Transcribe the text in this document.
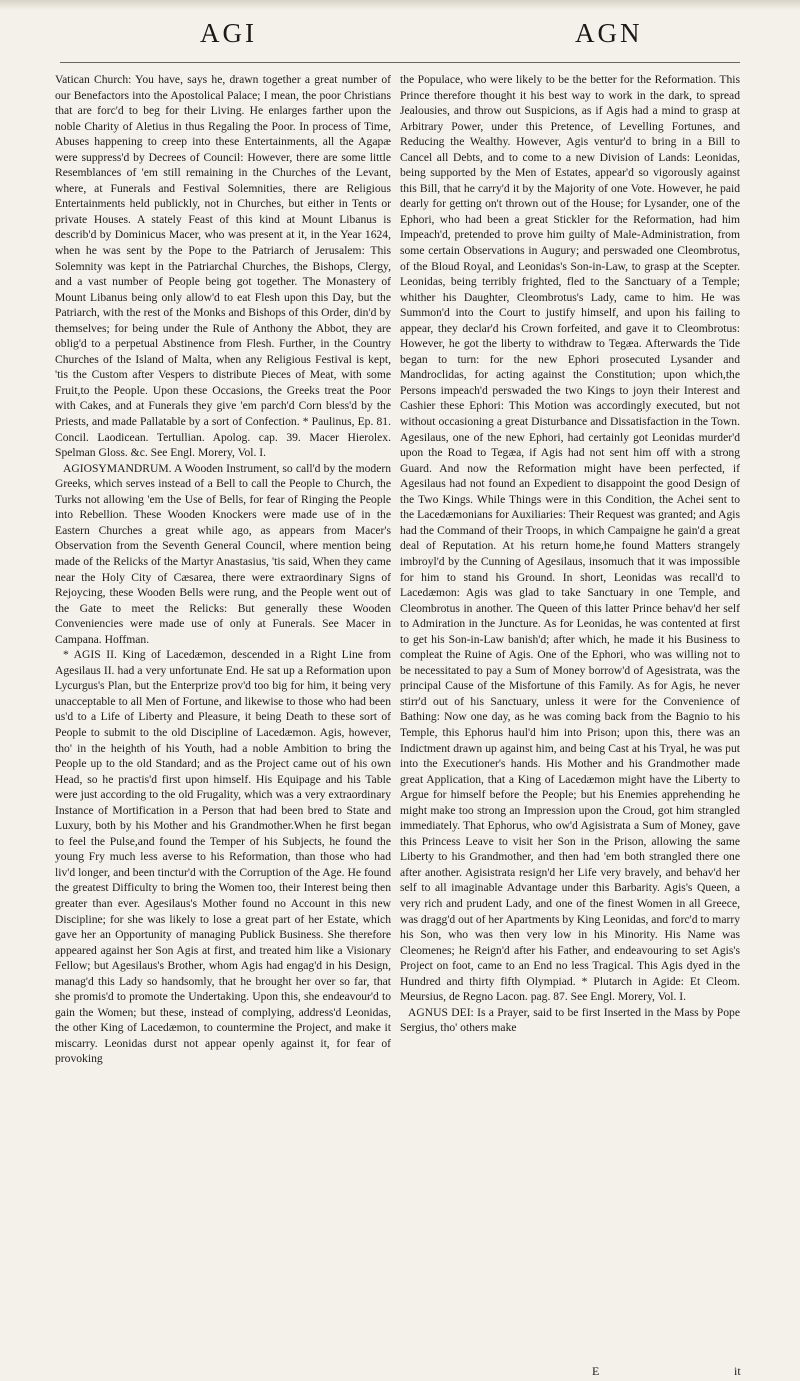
AGI	AGN

Vatican Church: You have, says he, drawn together a great number of our Benefactors into the Apostolical Palace; I mean, the poor Christians that are forc'd to beg for their Living. He enlarges farther upon the noble Charity of Aletius in thus Regaling the Poor. In process of Time, Abuses happening to creep into these Entertainments, all the Agapæ were suppress'd by Decrees of Council: However, there are some little Resemblances of 'em still remaining in the Churches of the Levant, where, at Funerals and Festival Solemnities, there are Religious Entertainments held publickly, not in Churches, but either in Tents or private Houses. A stately Feast of this kind at Mount Libanus is describ'd by Dominicus Macer, who was present at it, in the Year 1624, when he was sent by the Pope to the Patriarch of Jerusalem: This Solemnity was kept in the Patriarchal Churches, the Bishops, Clergy, and a vast number of People being got together. The Monastery of Mount Libanus being only allow'd to eat Flesh upon this Day, but the Patriarch, with the rest of the Monks and Bishops of this Order, din'd by themselves; for being under the Rule of Anthony the Abbot, they are oblig'd to a perpetual Abstinence from Flesh. Further, in the Country Churches of the Island of Malta, when any Religious Festival is kept, 'tis the Custom after Vespers to distribute Pieces of Meat, with some Fruit,to the People. Upon these Occasions, the Greeks treat the Poor with Cakes, and at Funerals they give 'em parch'd Corn bless'd by the Priests, and made Pallatable by a sort of Confection. * Paulinus, Ep. 81. Concil. Laodicean. Tertullian. Apolog. cap. 39. Macer Hierolex. Spelman Gloss. &c. See Engl. Morery, Vol. I.

AGIOSYMANDRUM. A Wooden Instrument, so call'd by the modern Greeks, which serves instead of a Bell to call the People to Church, the Turks not allowing 'em the Use of Bells, for fear of Ringing the People into Rebellion. These Wooden Knockers were made use of in the Eastern Churches a great while ago, as appears from Macer's Observation from the Seventh General Council, where mention being made of the Relicks of the Martyr Anastasius, 'tis said, When they came near the Holy City of Cæsarea, there were extraordinary Signs of Rejoycing, these Wooden Bells were rung, and the People went out of the Gate to meet the Relicks: But generally these Wooden Conveniencies were made use of only at Funerals. See Macer in Campana. Hoffman.

* AGIS II. King of Lacedæmon, descended in a Right Line from Agesilaus II. had a very unfortunate End. He sat up a Reformation upon Lycurgus's Plan, but the Enterprize prov'd too big for him, it being very unacceptable to all Men of Fortune, and likewise to those who had been us'd to a Life of Liberty and Pleasure, it being Death to these sort of People to submit to the old Discipline of Lacedæmon. Agis, however, tho' in the heighth of his Youth, had a noble Ambition to bring the People up to the old Standard; and as the Project came out of his own Head, so he practis'd first upon himself. His Equipage and his Table were just according to the old Frugality, which was a very extraordinary Instance of Mortification in a Person that had been bred to State and Luxury, both by his Mother and his Grandmother.When he first began to feel the Pulse,and found the Temper of his Subjects, he found the young Fry much less averse to his Reformation, than those who had liv'd longer, and been tinctur'd with the Corruption of the Age. He found the greatest Difficulty to bring the Women too, their Interest being then greater than ever. Agesilaus's Mother found no Account in this new Discipline; for she was likely to lose a great part of her Estate, which gave her an Opportunity of managing Publick Business. She therefore appeared against her Son Agis at first, and treated him like a Visionary Fellow; but Agesilaus's Brother, whom Agis had engag'd in his Design, manag'd this Lady so handsomly, that he brought her over so far, that she promis'd to promote the Undertaking. Upon this, she endeavour'd to gain the Women; but these, instead of complying, address'd Leonidas, the other King of Lacedæmon, to countermine the Project, and make it miscarry. Leonidas durst not appear openly against it, for fear of provoking

the Populace, who were likely to be the better for the Reformation. This Prince therefore thought it his best way to work in the dark, to spread Jealousies, and throw out Suspicions, as if Agis had a mind to grasp at Arbitrary Power, under this Pretence, of Levelling Fortunes, and Reducing the Wealthy. However, Agis ventur'd to bring in a Bill to Cancel all Debts, and to come to a new Division of Lands: Leonidas, being supported by the Men of Estates, appear'd so vigorously against this Bill, that he carry'd it by the Majority of one Vote. However, he paid dearly for getting on't thrown out of the House; for Lysander, one of the Ephori, who had been a great Stickler for the Reformation, had him Impeach'd, pretended to prove him guilty of Male-Administration, from some certain Observations in Augury; and perswaded one Cleombrotus, of the Bloud Royal, and Leonidas's Son-in-Law, to grasp at the Scepter. Leonidas, being terribly frighted, fled to the Sanctuary of a Temple; whither his Daughter, Cleombrotus's Lady, came to him. He was Summon'd into the Court to justify himself, and upon his failing to appear, they declar'd his Crown forfeited, and gave it to Cleombrotus: However, he got the liberty to withdraw to Tegæa. Afterwards the Tide began to turn: for the new Ephori prosecuted Lysander and Mandroclidas, for acting against the Constitution; upon which,the Persons impeach'd perswaded the two Kings to joyn their Interest and Cashier these Ephori: This Motion was accordingly executed, but not without occasioning a great Disturbance and Dissatisfaction in the Town. Agesilaus, one of the new Ephori, had certainly got Leonidas murder'd upon the Road to Tegæa, if Agis had not sent him off with a strong Guard. And now the Reformation might have been perfected, if Agesilaus had not found an Expedient to disappoint the good Design of the Two Kings. While Things were in this Condition, the Achei sent to the Lacedæmonians for Auxiliaries: Their Request was granted; and Agis had the Command of their Troops, in which Campaigne he gain'd a great deal of Reputation. At his return home,he found Matters strangely imbroyl'd by the Cunning of Agesilaus, insomuch that it was impossible for him to stand his Ground. In short, Leonidas was recall'd to Lacedæmon: Agis was glad to take Sanctuary in one Temple, and Cleombrotus in another. The Queen of this latter Prince behav'd her self to Admiration in the Juncture. As for Leonidas, he was contented at first to get his Son-in-Law banish'd; after which, he made it his Business to compleat the Ruine of Agis. One of the Ephori, who was willing not to be necessitated to pay a Sum of Money borrow'd of Agesistrata, was the principal Cause of the Misfortune of this Family. As for Agis, he never stirr'd out of his Sanctuary, unless it were for the Convenience of Bathing: Now one day, as he was coming back from the Bagnio to his Temple, this Ephorus haul'd him into Prison; upon this, there was an Indictment drawn up against him, and being Cast at his Tryal, he was put into the Executioner's hands. His Mother and his Grandmother made great Application, that a King of Lacedæmon might have the Liberty to Argue for himself before the People; but his Enemies apprehending he might make too strong an Impression upon the Croud, got him strangled immediately. That Ephorus, who ow'd Agisistrata a Sum of Money, gave this Princess Leave to visit her Son in the Prison, allowing the same Liberty to his Grandmother, and then had 'em both strangled there one after another. Agisistrata resign'd her Life very bravely, and behav'd her self to all imaginable Advantage under this Barbarity. Agis's Queen, a very rich and prudent Lady, and one of the finest Women in all Greece, was dragg'd out of her Apartments by King Leonidas, and forc'd to marry his Son, who was then very low in his Minority. His Name was Cleomenes; he Reign'd after his Father, and endeavouring to set Agis's Project on foot, came to an End no less Tragical. This Agis dyed in the Hundred and thirty fifth Olympiad. * Plutarch in Agide: Et Cleom. Meursius, de Regno Lacon. pag. 87. See Engl. Morery, Vol. I.

AGNUS DEI: Is a Prayer, said to be first Inserted in the Mass by Pope Sergius, tho' others make

E	it
